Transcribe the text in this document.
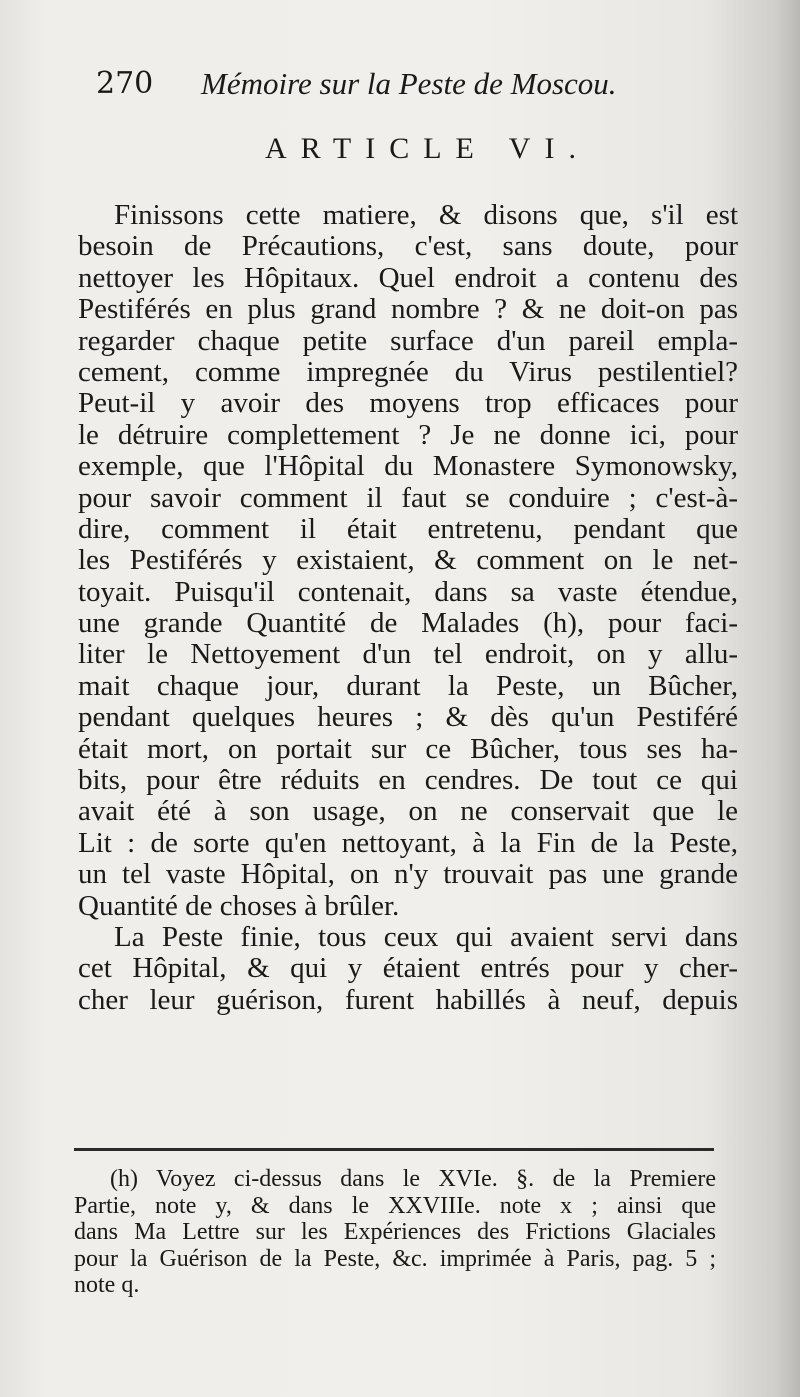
270 Mémoire sur la Peste de Moscou.
ARTICLE VI.
Finissons cette matiere, & disons que, s'il est
besoin de Précautions, c'est, sans doute, pour
nettoyer les Hôpitaux. Quel endroit a contenu des
Pestiférés en plus grand nombre ? & ne doit-on pas
regarder chaque petite surface d'un pareil empla-
cement, comme impregnée du Virus pestilentiel?
Peut-il y avoir des moyens trop efficaces pour
le détruire complettement ? Je ne donne ici, pour
exemple, que l'Hôpital du Monastere Symonowsky,
pour savoir comment il faut se conduire ; c'est-à-
dire, comment il était entretenu, pendant que
les Pestiférés y existaient, & comment on le net-
toyait. Puisqu'il contenait, dans sa vaste étendue,
une grande Quantité de Malades (h), pour faci-
liter le Nettoyement d'un tel endroit, on y allu-
mait chaque jour, durant la Peste, un Bûcher,
pendant quelques heures ; & dès qu'un Pestiféré
était mort, on portait sur ce Bûcher, tous ses ha-
bits, pour être réduits en cendres. De tout ce qui
avait été à son usage, on ne conservait que le
Lit : de sorte qu'en nettoyant, à la Fin de la Peste,
un tel vaste Hôpital, on n'y trouvait pas une grande
Quantité de choses à brûler.
La Peste finie, tous ceux qui avaient servi dans
cet Hôpital, & qui y étaient entrés pour y cher-
cher leur guérison, furent habillés à neuf, depuis
(h) Voyez ci-dessus dans le XVIe. §. de la Premiere
Partie, note y, & dans le XXVIIIe. note x ; ainsi que
dans Ma Lettre sur les Expériences des Frictions Glaciales
pour la Guérison de la Peste, &c. imprimée à Paris, pag. 5 ;
note q.
